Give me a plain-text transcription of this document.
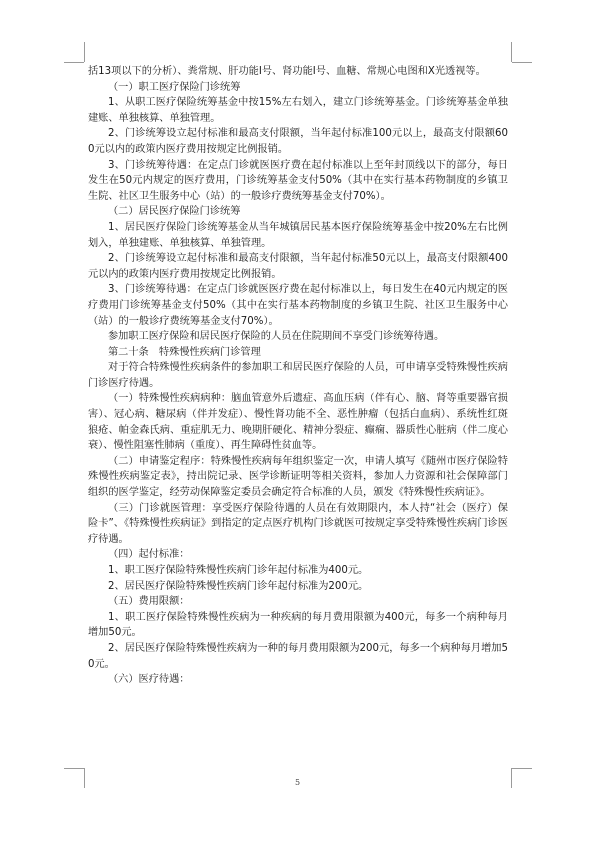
括13项以下的分析）、粪常规、肝功能Ⅰ号、肾功能Ⅰ号、血糖、常规心电图和Ⅹ光透视等。

（一）职工医疗保险门诊统筹

1、从职工医疗保险统筹基金中按15%左右划入，建立门诊统筹基金。门诊统筹基金单独建账、单独核算、单独管理。

2、门诊统筹设立起付标准和最高支付限额，当年起付标准100元以上，最高支付限额600元以内的政策内医疗费用按规定比例报销。

3、门诊统筹待遇：在定点门诊就医医疗费在起付标准以上至年封顶线以下的部分，每日发生在50元内规定的医疗费用，门诊统筹基金支付50%（其中在实行基本药物制度的乡镇卫生院、社区卫生服务中心（站）的一般诊疗费统筹基金支付70%）。

（二）居民医疗保险门诊统筹

1、居民医疗保险门诊统筹基金从当年城镇居民基本医疗保险统筹基金中按20%左右比例划入，单独建账、单独核算、单独管理。

2、门诊统筹设立起付标准和最高支付限额，当年起付标准50元以上，最高支付限额400元以内的政策内医疗费用按规定比例报销。

3、门诊统筹待遇：在定点门诊就医医疗费在起付标准以上，每日发生在40元内规定的医疗费用门诊统筹基金支付50%（其中在实行基本药物制度的乡镇卫生院、社区卫生服务中心（站）的一般诊疗费统筹基金支付70%）。

参加职工医疗保险和居民医疗保险的人员在住院期间不享受门诊统筹待遇。

第二十条　特殊慢性疾病门诊管理

对于符合特殊慢性疾病条件的参加职工和居民医疗保险的人员，可申请享受特殊慢性疾病门诊医疗待遇。

（一）特殊慢性疾病病种：脑血管意外后遗症、高血压病（伴有心、脑、肾等重要器官损害）、冠心病、糖尿病（伴并发症）、慢性肾功能不全、恶性肿瘤（包括白血病）、系统性红斑狼疮、帕金森氏病、重症肌无力、晚期肝硬化、精神分裂症、癫痫、器质性心脏病（伴二度心衰）、慢性阻塞性肺病（重度）、再生障碍性贫血等。

（二）申请鉴定程序：特殊慢性疾病每年组织鉴定一次，申请人填写《随州市医疗保险特殊慢性疾病鉴定表》，持出院记录、医学诊断证明等相关资料，参加人力资源和社会保障部门组织的医学鉴定，经劳动保障鉴定委员会确定符合标准的人员，颁发《特殊慢性疾病证》。

（三）门诊就医管理：享受医疗保险待遇的人员在有效期限内，本人持“社会（医疗）保险卡”、《特殊慢性疾病证》到指定的定点医疗机构门诊就医可按规定享受特殊慢性疾病门诊医疗待遇。

（四）起付标准：

1、职工医疗保险特殊慢性疾病门诊年起付标准为400元。

2、居民医疗保险特殊慢性疾病门诊年起付标准为200元。

（五）费用限额：

1、职工医疗保险特殊慢性疾病为一种疾病的每月费用限额为400元，每多一个病种每月增加50元。

2、居民医疗保险特殊慢性疾病为一种的每月费用限额为200元，每多一个病种每月增加50元。

（六）医疗待遇：

5
